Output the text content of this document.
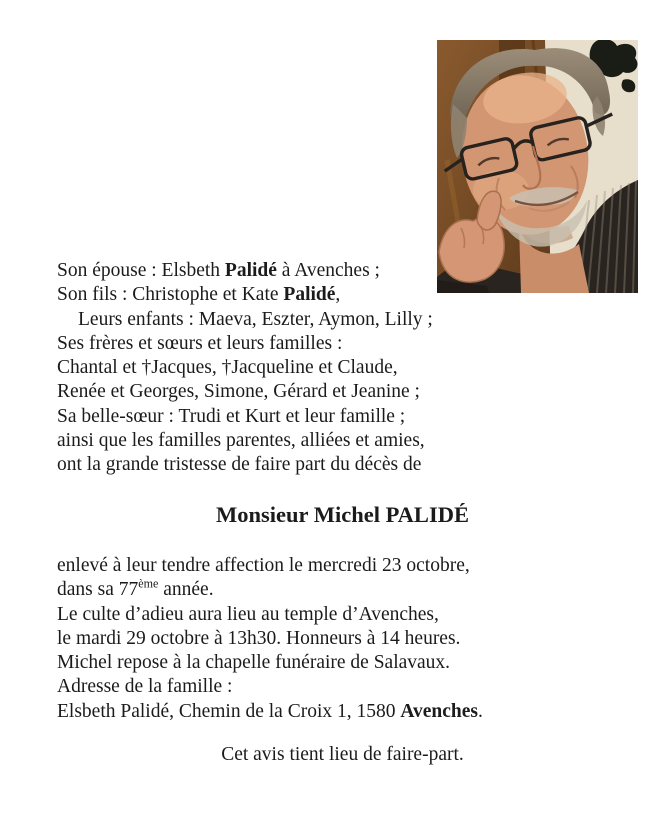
Son épouse : Elsbeth Palidé à Avenches ;
Son fils : Christophe et Kate Palidé,
Leurs enfants : Maeva, Eszter, Aymon, Lilly ;
Ses frères et sœurs et leurs familles :
Chantal et †Jacques, †Jacqueline et Claude,
Renée et Georges, Simone, Gérard et Jeanine ;
Sa belle-sœur : Trudi et Kurt et leur famille ;
ainsi que les familles parentes, alliées et amies,
ont la grande tristesse de faire part du décès de
Monsieur Michel PALIDÉ
enlevé à leur tendre affection le mercredi 23 octobre,
dans sa 77ème année.
Le culte d’adieu aura lieu au temple d’Avenches,
le mardi 29 octobre à 13h30. Honneurs à 14 heures.
Michel repose à la chapelle funéraire de Salavaux.
Adresse de la famille :
Elsbeth Palidé, Chemin de la Croix 1, 1580 Avenches.
Cet avis tient lieu de faire-part.
